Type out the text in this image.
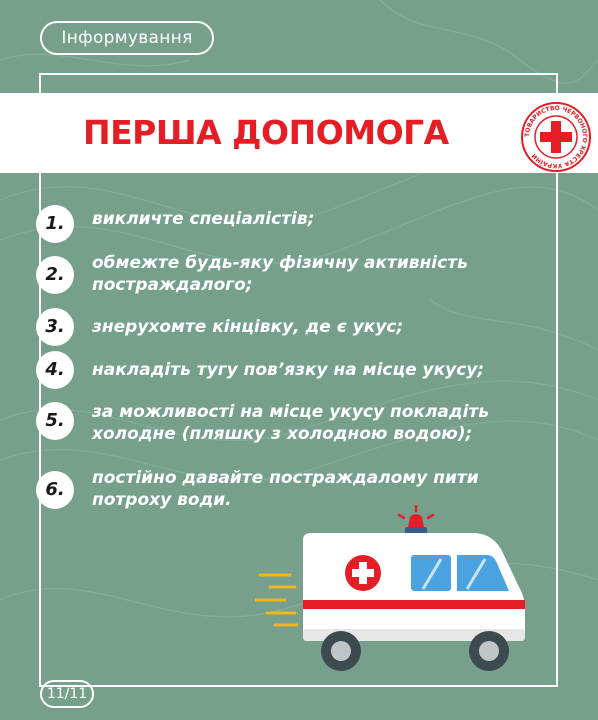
Інформування
ПЕРША ДОПОМОГА	ТОВАРИСТВО ЧЕРВОНОГО ХРЕСТА УКРАЇНИ
1.	викличте спеціалістів;
2.
обмежте будь-яку фізичну активність
постраждалого;
3.	знерухомте кінцівку, де є укус;
4.	накладіть тугу пов’язку на місце укусу;
5.	за можливості на місце укусу покладіть
холодне (пляшку з холодною водою);
6.
постійно давайте постраждалому пити
потроху води.
11/11
